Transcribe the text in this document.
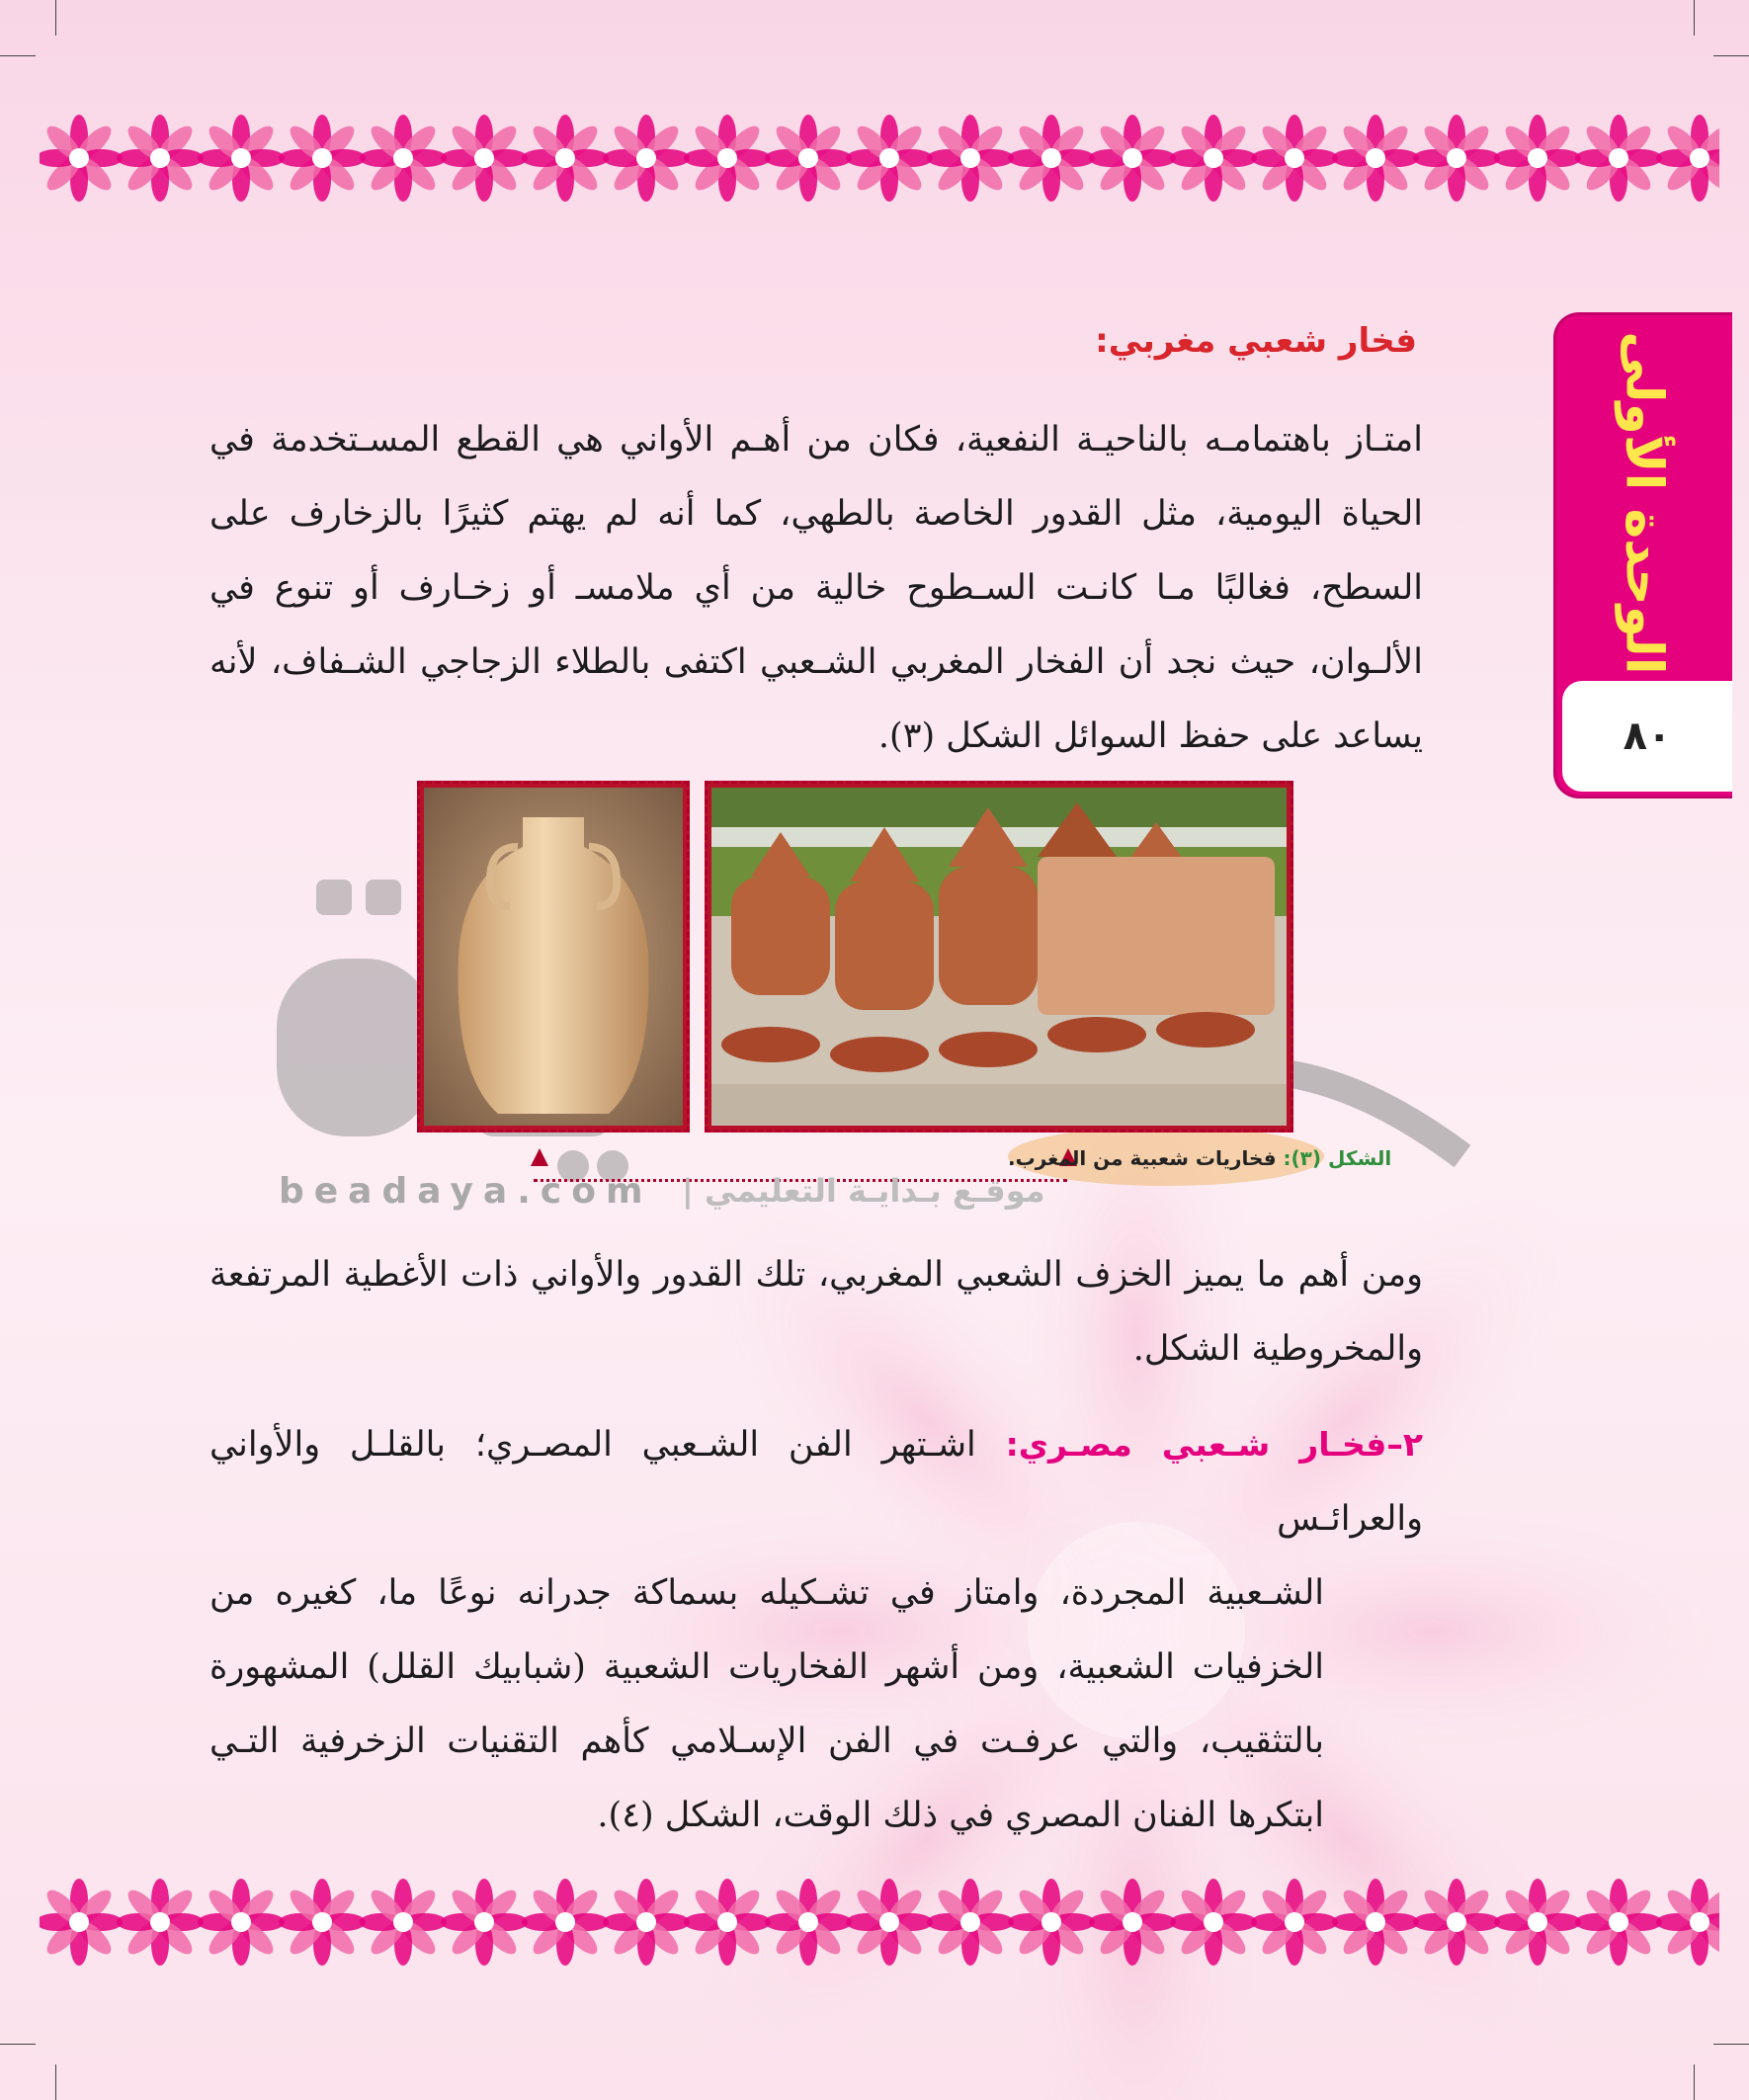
الوحدة الأولى
٨٠
فخار شعبي مغربي:
امتـاز باهتمامـه بالناحيـة النفعية، فكان من أهـم الأواني هي القطع المسـتخدمة في الحياة اليومية، مثل القدور الخاصة بالطهي، كما أنه لم يهتم كثيرًا بالزخارف على السطح، فغالبًا مـا كانـت السـطوح خالية من أي ملامسـ أو زخـارف أو تنوع في الألـوان، حيث نجد أن الفخار المغربي الشـعبي اكتفى بالطلاء الزجاجي الشـفاف، لأنه يساعد على حفظ السوائل الشكل (٣).
الشكل (٣): فخاريات شعبية من المغرب.
beadaya.com موقـع بـدايـة التعليمي |
ومن أهم ما يميز الخزف الشعبي المغربي، تلك القدور والأواني ذات الأغطية المرتفعة والمخروطية الشكل.
٢–فخـار شـعبي مصـري: اشـتهر الفن الشـعبي المصـري؛ بالقلـل والأواني والعرائـس
الشـعبية المجردة، وامتاز في تشـكيله بسماكة جدرانه نوعًا ما، كغيره من الخزفيات الشعبية، ومن أشهر الفخاريات الشعبية (شبابيك القلل) المشهورة بالتثقيب، والتي عرفـت في الفن الإسـلامي كأهم التقنيات الزخرفية التـي ابتكرها الفنان المصري في ذلك الوقت، الشكل (٤).
